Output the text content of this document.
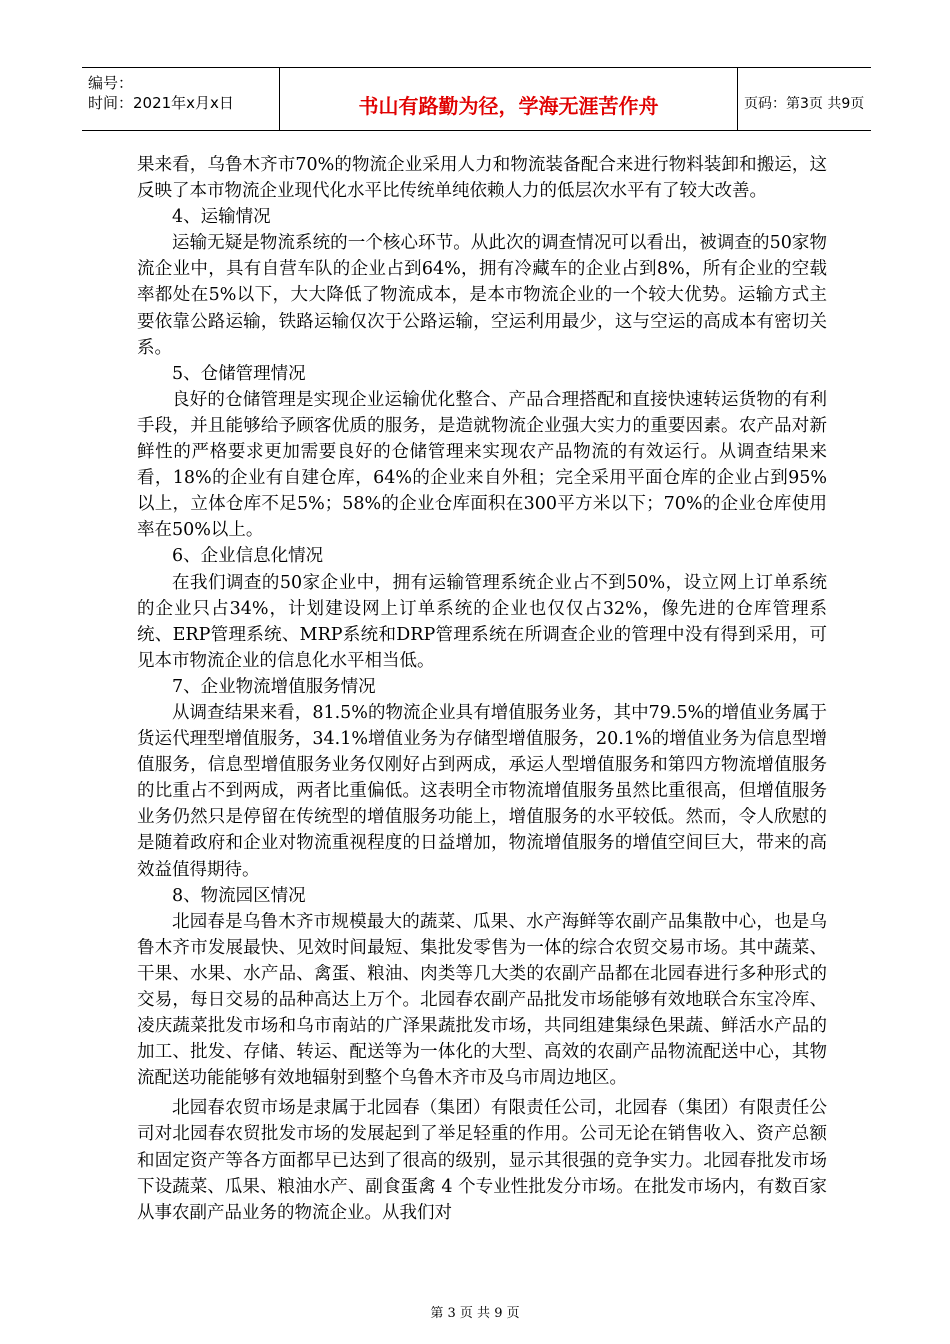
编号：
时间：2021年x月x日	书山有路勤为径，学海无涯苦作舟	页码：第3页 共9页

果来看，乌鲁木齐市70%的物流企业采用人力和物流装备配合来进行物料装卸和搬运，这反映了本市物流企业现代化水平比传统单纯依赖人力的低层次水平有了较大改善。

4、运输情况

运输无疑是物流系统的一个核心环节。从此次的调查情况可以看出，被调查的50家物流企业中，具有自营车队的企业占到64%，拥有冷藏车的企业占到8%，所有企业的空载率都处在5%以下，大大降低了物流成本，是本市物流企业的一个较大优势。运输方式主要依靠公路运输，铁路运输仅次于公路运输，空运利用最少，这与空运的高成本有密切关系。

5、仓储管理情况

良好的仓储管理是实现企业运输优化整合、产品合理搭配和直接快速转运货物的有利手段，并且能够给予顾客优质的服务，是造就物流企业强大实力的重要因素。农产品对新鲜性的严格要求更加需要良好的仓储管理来实现农产品物流的有效运行。从调查结果来看，18%的企业有自建仓库，64%的企业来自外租；完全采用平面仓库的企业占到95%以上，立体仓库不足5%；58%的企业仓库面积在300平方米以下；70%的企业仓库使用率在50%以上。

6、企业信息化情况

在我们调查的50家企业中，拥有运输管理系统企业占不到50%，设立网上订单系统的企业只占34%，计划建设网上订单系统的企业也仅仅占32%，像先进的仓库管理系统、ERP管理系统、MRP系统和DRP管理系统在所调查企业的管理中没有得到采用，可见本市物流企业的信息化水平相当低。

7、企业物流增值服务情况

从调查结果来看，81.5%的物流企业具有增值服务业务，其中79.5%的增值业务属于货运代理型增值服务，34.1%增值业务为存储型增值服务，20.1%的增值业务为信息型增值服务，信息型增值服务业务仅刚好占到两成，承运人型增值服务和第四方物流增值服务的比重占不到两成，两者比重偏低。这表明全市物流增值服务虽然比重很高，但增值服务业务仍然只是停留在传统型的增值服务功能上，增值服务的水平较低。然而，令人欣慰的是随着政府和企业对物流重视程度的日益增加，物流增值服务的增值空间巨大，带来的高效益值得期待。

8、物流园区情况

北园春是乌鲁木齐市规模最大的蔬菜、瓜果、水产海鲜等农副产品集散中心，也是乌鲁木齐市发展最快、见效时间最短、集批发零售为一体的综合农贸交易市场。其中蔬菜、干果、水果、水产品、禽蛋、粮油、肉类等几大类的农副产品都在北园春进行多种形式的交易，每日交易的品种高达上万个。北园春农副产品批发市场能够有效地联合东宝冷库、凌庆蔬菜批发市场和乌市南站的广泽果蔬批发市场，共同组建集绿色果蔬、鲜活水产品的加工、批发、存储、转运、配送等为一体化的大型、高效的农副产品物流配送中心，其物流配送功能能够有效地辐射到整个乌鲁木齐市及乌市周边地区。

北园春农贸市场是隶属于北园春（集团）有限责任公司，北园春（集团）有限责任公司对北园春农贸批发市场的发展起到了举足轻重的作用。公司无论在销售收入、资产总额和固定资产等各方面都早已达到了很高的级别，显示其很强的竞争实力。北园春批发市场下设蔬菜、瓜果、粮油水产、副食蛋禽 4 个专业性批发分市场。在批发市场内，有数百家从事农副产品业务的物流企业。从我们对

第 3 页 共 9 页
